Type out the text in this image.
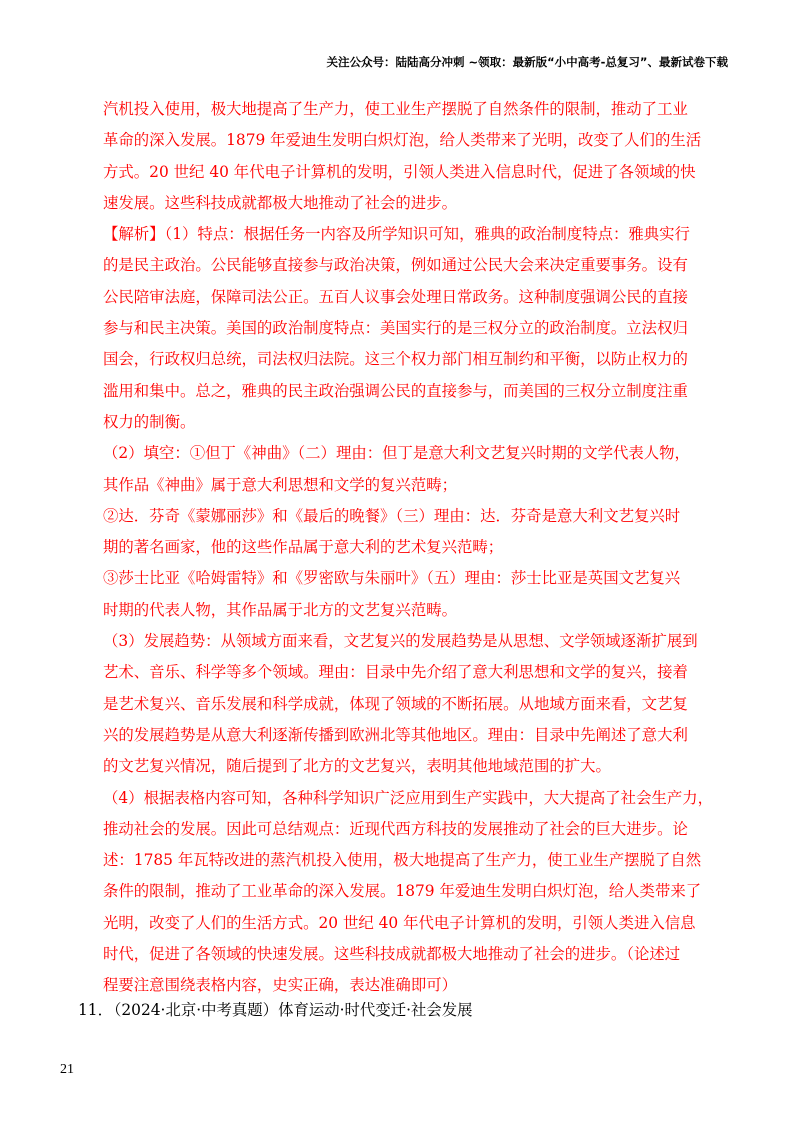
关注公众号：陆陆高分冲刺 ~领取：最新版“小中高考-总复习”、最新试卷下载
汽机投入使用，极大地提高了生产力，使工业生产摆脱了自然条件的限制，推动了工业
革命的深入发展。1879 年爱迪生发明白炽灯泡，给人类带来了光明，改变了人们的生活
方式。20 世纪 40 年代电子计算机的发明，引领人类进入信息时代，促进了各领域的快
速发展。这些科技成就都极大地推动了社会的进步。
【解析】（1）特点：根据任务一内容及所学知识可知，雅典的政治制度特点：雅典实行
的是民主政治。公民能够直接参与政治决策，例如通过公民大会来决定重要事务。设有
公民陪审法庭，保障司法公正。五百人议事会处理日常政务。这种制度强调公民的直接
参与和民主决策。美国的政治制度特点：美国实行的是三权分立的政治制度。立法权归
国会，行政权归总统，司法权归法院。这三个权力部门相互制约和平衡，以防止权力的
滥用和集中。总之，雅典的民主政治强调公民的直接参与，而美国的三权分立制度注重
权力的制衡。
（2）填空：①但丁《神曲》（二）理由：但丁是意大利文艺复兴时期的文学代表人物，
其作品《神曲》属于意大利思想和文学的复兴范畴；
②达．芬奇《蒙娜丽莎》和《最后的晚餐》（三）理由：达．芬奇是意大利文艺复兴时
期的著名画家，他的这些作品属于意大利的艺术复兴范畴；
③莎士比亚《哈姆雷特》和《罗密欧与朱丽叶》（五）理由：莎士比亚是英国文艺复兴
时期的代表人物，其作品属于北方的文艺复兴范畴。
（3）发展趋势：从领域方面来看，文艺复兴的发展趋势是从思想、文学领域逐渐扩展到
艺术、音乐、科学等多个领域。理由：目录中先介绍了意大利思想和文学的复兴，接着
是艺术复兴、音乐发展和科学成就，体现了领域的不断拓展。从地域方面来看，文艺复
兴的发展趋势是从意大利逐渐传播到欧洲北等其他地区。理由：目录中先阐述了意大利
的文艺复兴情况，随后提到了北方的文艺复兴，表明其他地域范围的扩大。
（4）根据表格内容可知，各种科学知识广泛应用到生产实践中，大大提高了社会生产力，
推动社会的发展。因此可总结观点：近现代西方科技的发展推动了社会的巨大进步。论
述：1785 年瓦特改进的蒸汽机投入使用，极大地提高了生产力，使工业生产摆脱了自然
条件的限制，推动了工业革命的深入发展。1879 年爱迪生发明白炽灯泡，给人类带来了
光明，改变了人们的生活方式。20 世纪 40 年代电子计算机的发明，引领人类进入信息
时代，促进了各领域的快速发展。这些科技成就都极大地推动了社会的进步。（论述过
程要注意围绕表格内容，史实正确，表达准确即可）
11．（2024·北京·中考真题）体育运动·时代变迁·社会发展
21
